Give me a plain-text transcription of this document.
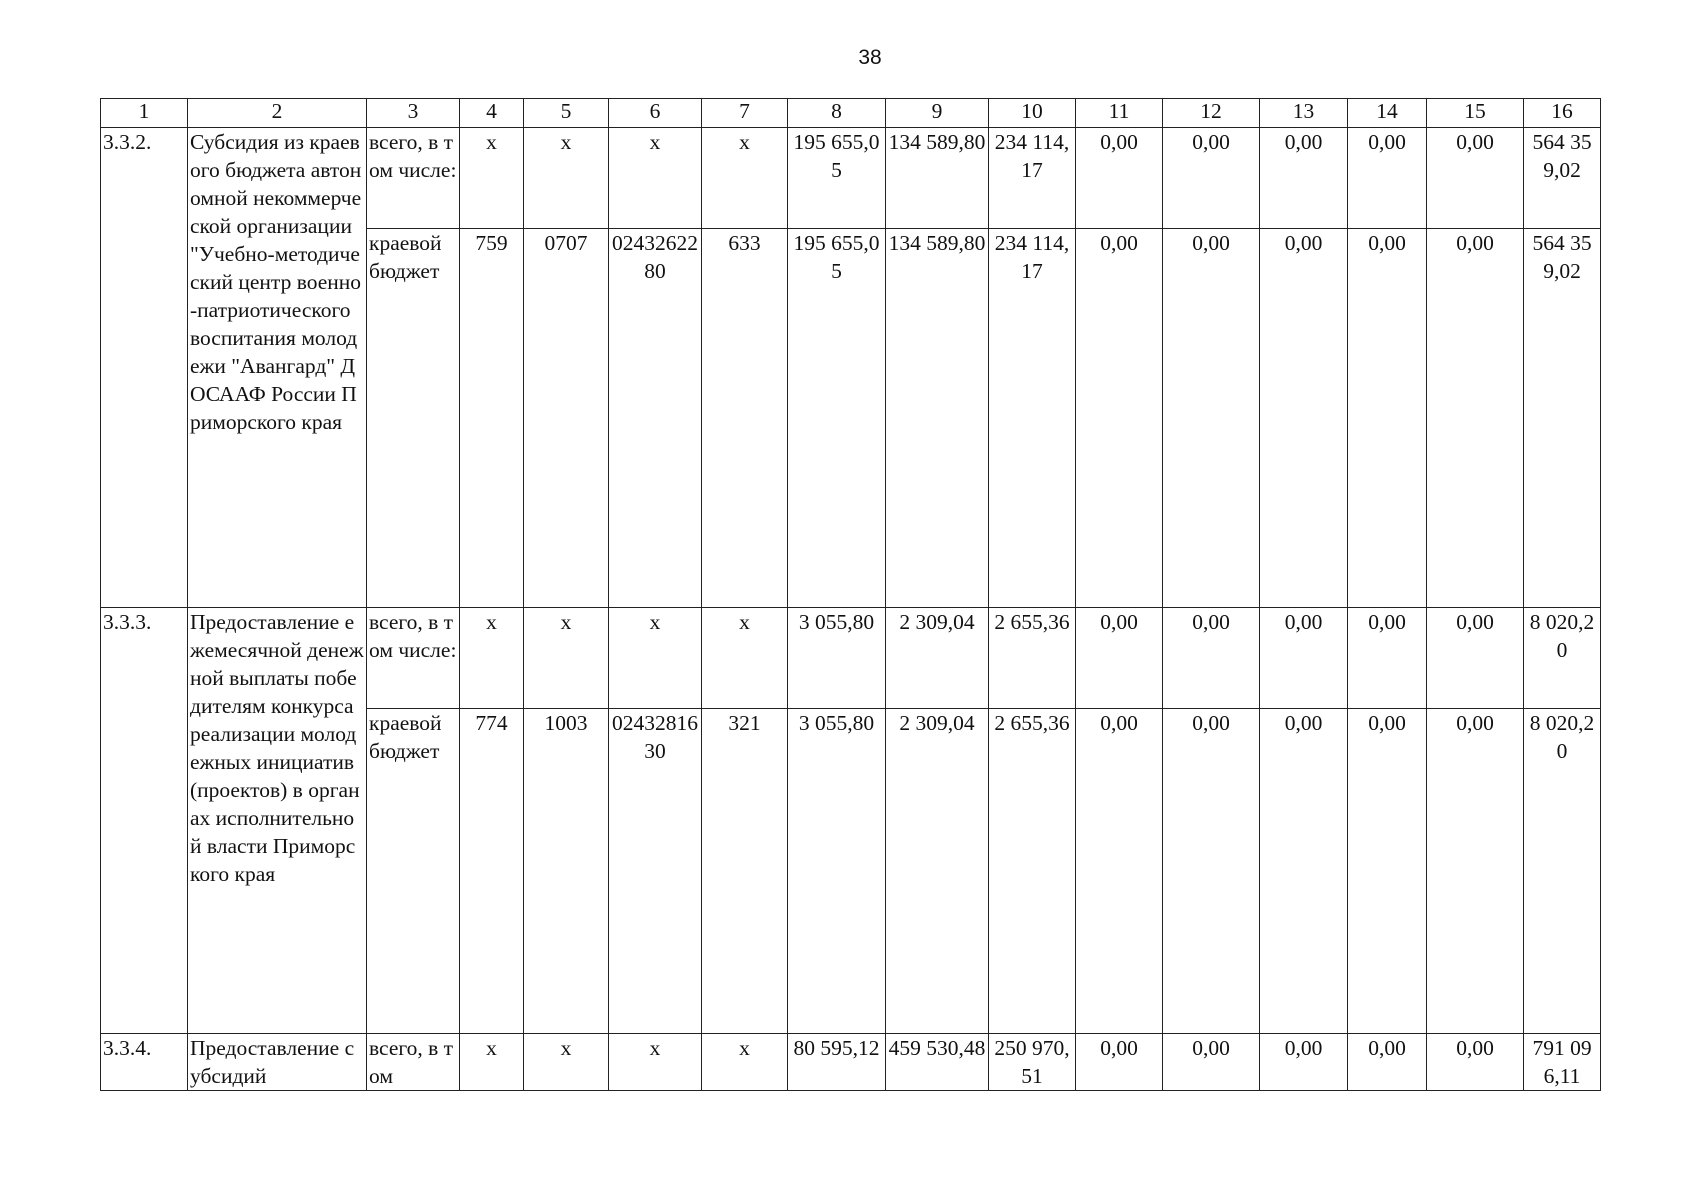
38
1	2	3	4	5	6	7	8	9	10	11	12	13	14	15	16
3.3.2.	Субсидия из краевого бюджета автономной некоммерческой организации "Учебно-методический центр военно-патриотического воспитания молодежи "Авангард" ДОСААФ России Приморского края	всего, в том числе:	x	x	x	x	195 655,05	134 589,80	234 114,17	0,00	0,00	0,00	0,00	0,00	564 359,02
		краевой бюджет	759	0707	0243262280	633	195 655,05	134 589,80	234 114,17	0,00	0,00	0,00	0,00	0,00	564 359,02
3.3.3.	Предоставление ежемесячной денежной выплаты победителям конкурса реализации молодежных инициатив (проектов) в органах исполнительной власти Приморского края	всего, в том числе:	x	x	x	x	3 055,80	2 309,04	2 655,36	0,00	0,00	0,00	0,00	0,00	8 020,20
		краевой бюджет	774	1003	0243281630	321	3 055,80	2 309,04	2 655,36	0,00	0,00	0,00	0,00	0,00	8 020,20
3.3.4.	Предоставление субсидий	всего, в том	x	x	x	x	80 595,12	459 530,48	250 970,51	0,00	0,00	0,00	0,00	0,00	791 096,11
